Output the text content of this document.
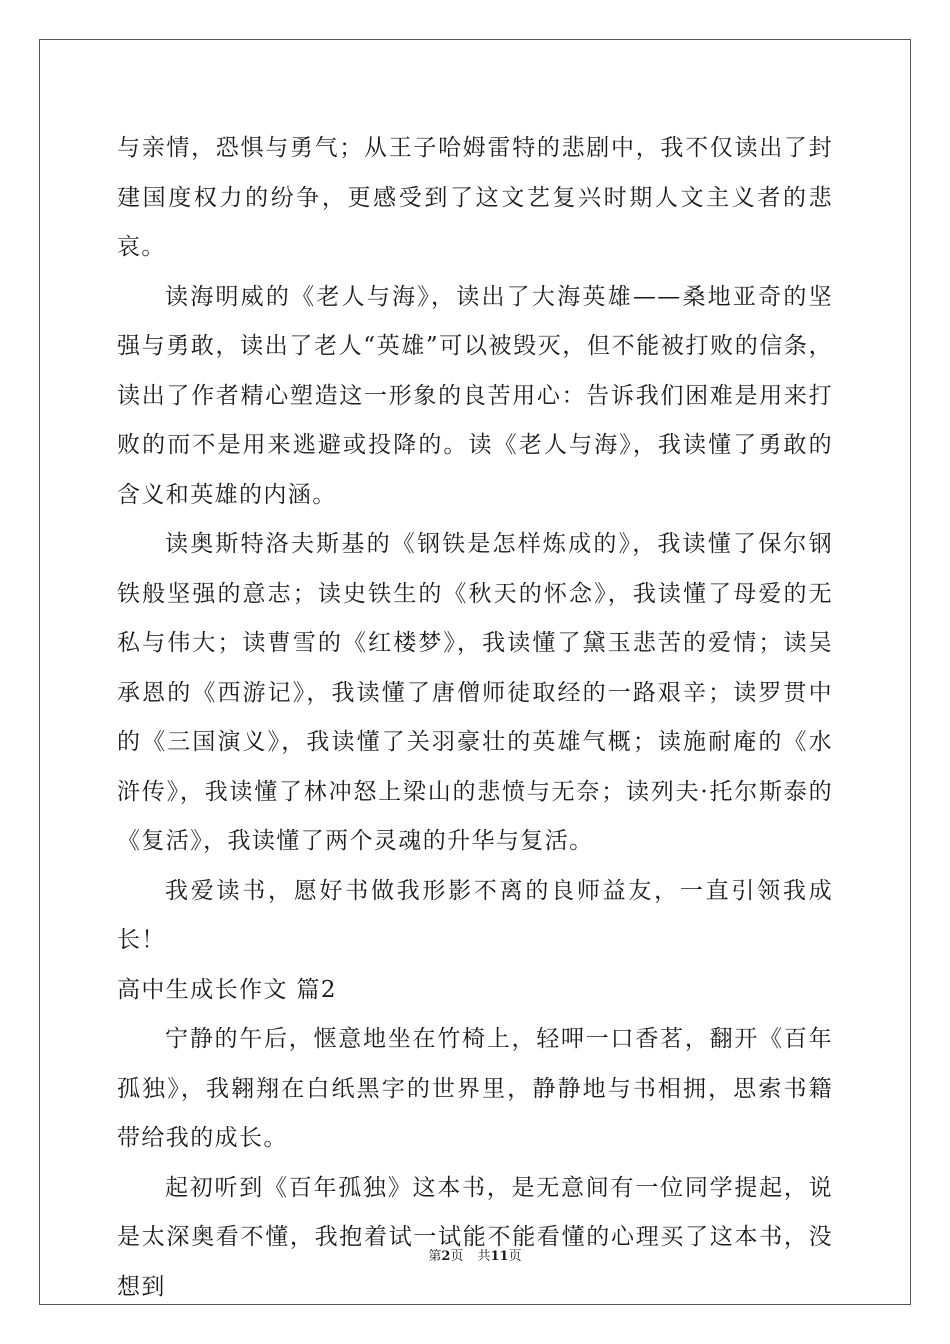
与亲情，恐惧与勇气；从王子哈姆雷特的悲剧中，我不仅读出了封建国度权力的纷争，更感受到了这文艺复兴时期人文主义者的悲哀。

读海明威的《老人与海》，读出了大海英雄——桑地亚奇的坚强与勇敢，读出了老人“英雄”可以被毁灭，但不能被打败的信条，读出了作者精心塑造这一形象的良苦用心：告诉我们困难是用来打败的而不是用来逃避或投降的。读《老人与海》，我读懂了勇敢的含义和英雄的内涵。

读奥斯特洛夫斯基的《钢铁是怎样炼成的》，我读懂了保尔钢铁般坚强的意志；读史铁生的《秋天的怀念》，我读懂了母爱的无私与伟大；读曹雪的《红楼梦》，我读懂了黛玉悲苦的爱情；读吴承恩的《西游记》，我读懂了唐僧师徒取经的一路艰辛；读罗贯中的《三国演义》，我读懂了关羽豪壮的英雄气概；读施耐庵的《水浒传》，我读懂了林冲怒上梁山的悲愤与无奈；读列夫·托尔斯泰的《复活》，我读懂了两个灵魂的升华与复活。

我爱读书，愿好书做我形影不离的良师益友，一直引领我成长！

高中生成长作文 篇2

宁静的午后，惬意地坐在竹椅上，轻呷一口香茗，翻开《百年孤独》，我翱翔在白纸黑字的世界里，静静地与书相拥，思索书籍带给我的成长。

起初听到《百年孤独》这本书，是无意间有一位同学提起，说是太深奥看不懂，我抱着试一试能不能看懂的心理买了这本书，没想到

第2页 共11页
